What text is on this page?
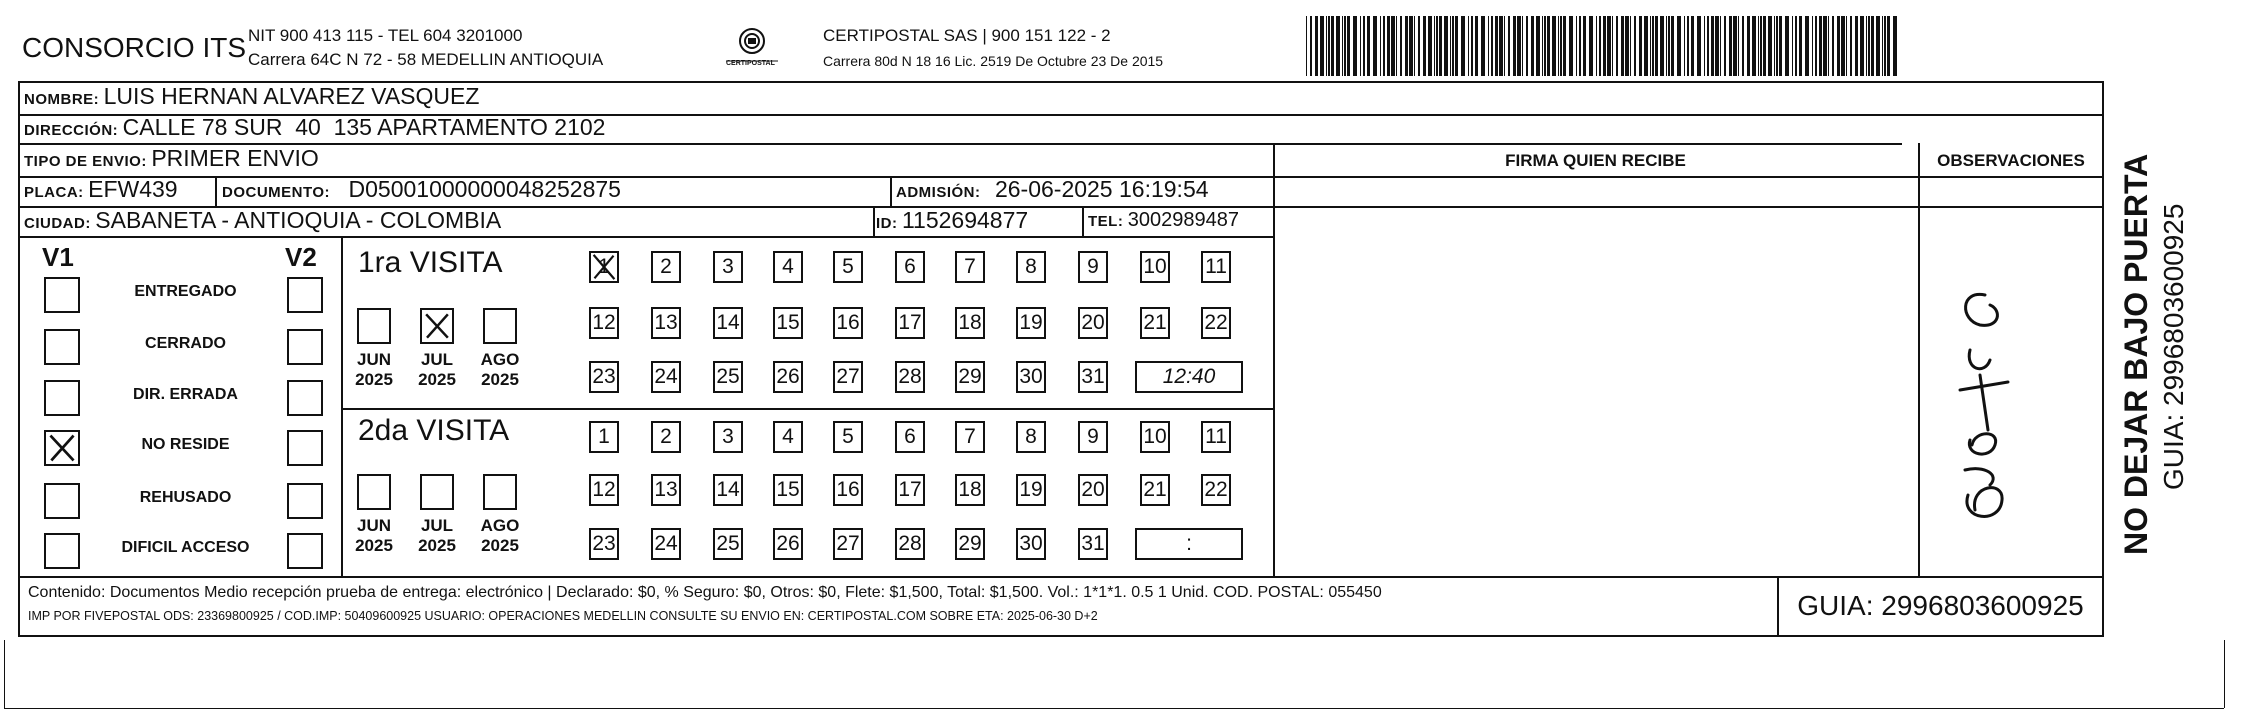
CONSORCIO ITS NIT 900 413 115 - TEL 604 3201000
Carrera 64C N 72 - 58 MEDELLIN ANTIOQUIA	CERTIPOSTAL
CERTIPOSTAL SAS | 900 151 122 - 2
Carrera 80d N 18 16 Lic. 2519 De Octubre 23 De 2015
NOMBRE: LUIS HERNAN ALVAREZ VASQUEZ
DIRECCIÓN: CALLE 78 SUR  40  135 APARTAMENTO 2102
TIPO DE ENVIO: PRIMER ENVIO	FIRMA QUIEN RECIBE	OBSERVACIONES
PLACA: EFW439	DOCUMENTO: D05001000000048252875	ADMISIÓN: 26-06-2025 16:19:54
CIUDAD: SABANETA - ANTIOQUIA - COLOMBIA	ID: 1152694877	TEL: 3002989487
V1	V2 1ra VISITA
2da VISITA
Contenido: Documentos Medio recepción prueba de entrega: electrónico | Declarado: $0, % Seguro: $0, Otros: $0, Flete: $1,500, Total: $1,500. Vol.: 1*1*1. 0.5 1 Unid. COD. POSTAL: 055450
IMP POR FIVEPOSTAL ODS: 23369800925 / COD.IMP: 50409600925 USUARIO: OPERACIONES MEDELLIN CONSULTE SU ENVIO EN: CERTIPOSTAL.COM SOBRE ETA: 2025-06-30 D+2	GUIA: 2996803600925
NO DEJAR BAJO PUERTA GUIA: 2996803600925
ENTREGADO
CERRADO
DIR. ERRADA
NO RESIDE
REHUSADO
DIFICIL ACCESO
JUN
2025
JUL
2025
AGO
2025
JUN
2025
JUL
2025
AGO
2025
1	2	3	4	5	6	7	8	9	10 11
12 13 14 15 16 17 18 19 20 21 22
23 24 25 26 27 28 29 30 31	12:40
1	2	3	4	5	6	7	8	9	10 11
12 13 14 15 16 17 18 19 20 21 22
23 24 25 26 27 28 29 30 31	:
